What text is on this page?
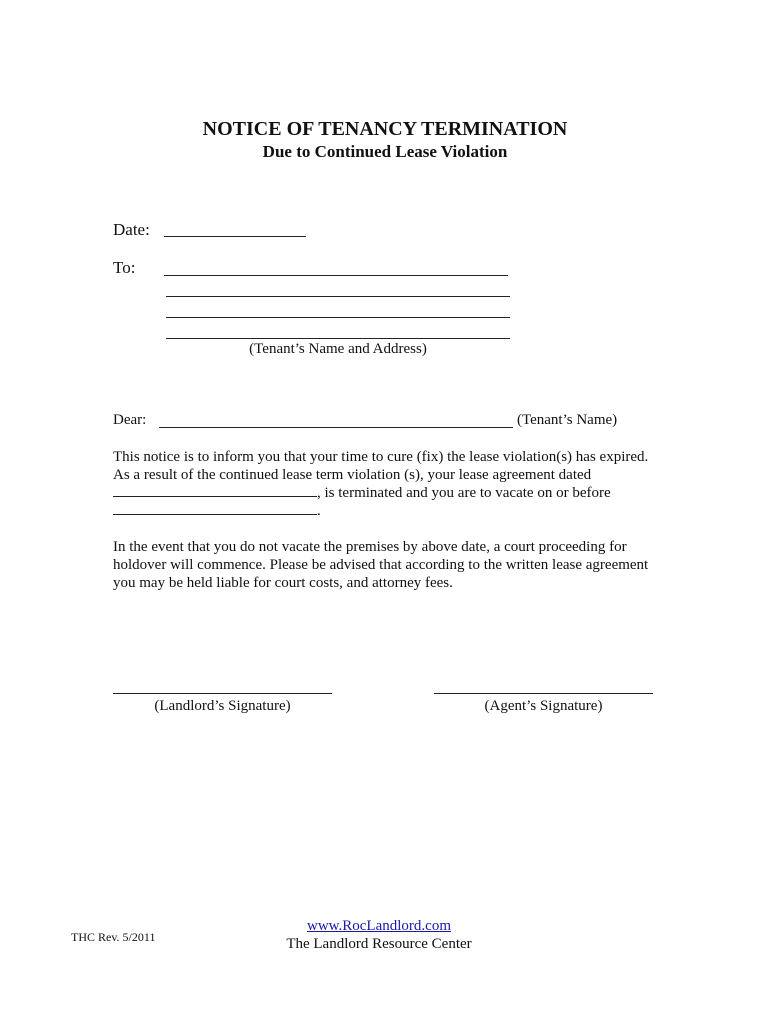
NOTICE OF TENANCY TERMINATION
Due to Continued Lease Violation
Date:
To:
(Tenant’s Name and Address)
Dear:	(Tenant’s Name)
This notice is to inform you that your time to cure (fix) the lease violation(s) has expired.
As a result of the continued lease term violation (s), your lease agreement dated
, is terminated and you are to vacate on or before
.
In the event that you do not vacate the premises by above date, a court proceeding for
holdover will commence. Please be advised that according to the written lease agreement
you may be held liable for court costs, and attorney fees.
(Landlord’s Signature)	(Agent’s Signature)
THC Rev. 5/2011
www.RocLandlord.com
The Landlord Resource Center
